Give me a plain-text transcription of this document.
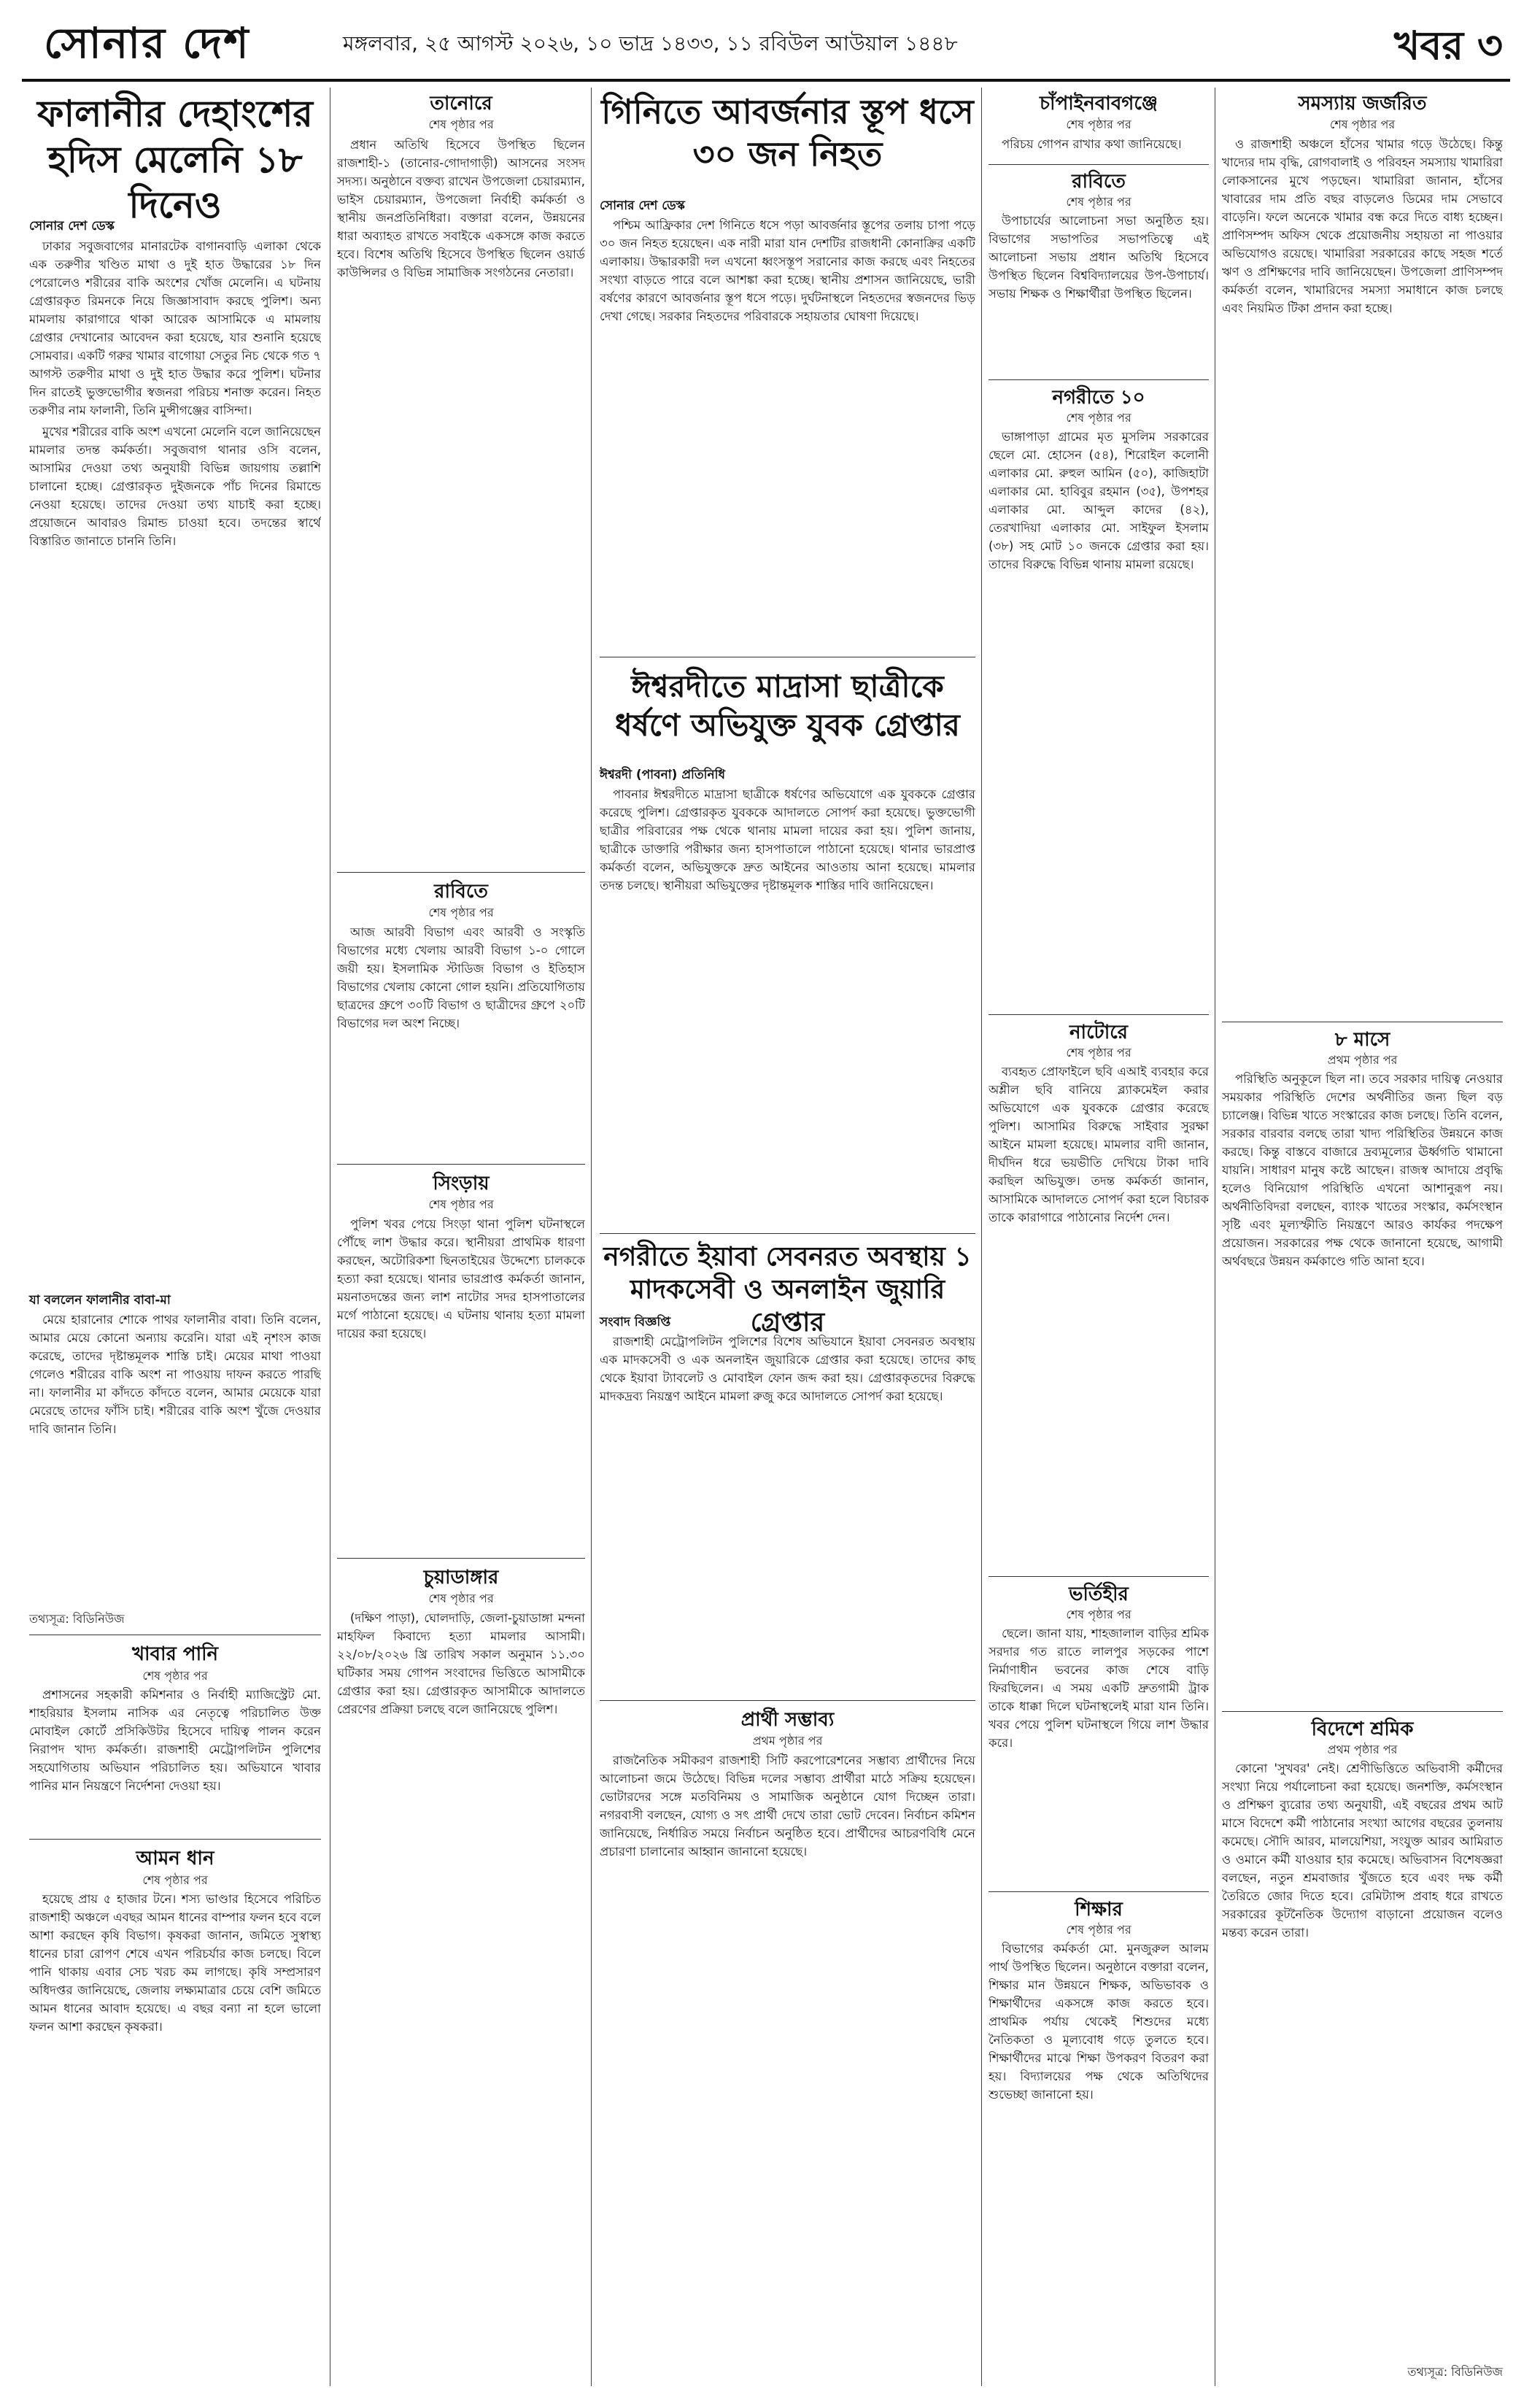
সোনার দেশ	মঙ্গলবার, ২৫ আগস্ট ২০২৬, ১০ ভাদ্র ১৪৩৩, ১১ রবিউল আউয়াল ১৪৪৮	খবর ৩
ফালানীর দেহাংশের হদিস মেলেনি ১৮ দিনেও
সোনার দেশ ডেস্ক

ঢাকার সবুজবাগের মানারটেক বাগানবাড়ি এলাকা থেকে এক তরুণীর খণ্ডিত মাথা ও দুই হাত উদ্ধারের ১৮ দিন পেরোলেও শরীরের বাকি অংশের খোঁজ মেলেনি। এ ঘটনায় গ্রেপ্তারকৃত রিমনকে নিয়ে জিজ্ঞাসাবাদ করছে পুলিশ। অন্য মামলায় কারাগারে থাকা আরেক আসামিকে এ মামলায় গ্রেপ্তার দেখানোর আবেদন করা হয়েছে, যার শুনানি হয়েছে সোমবার। একটি গরুর খামার বাগোয়া সেতুর নিচ থেকে গত ৭ আগস্ট তরুণীর মাথা ও দুই হাত উদ্ধার করে পুলিশ। ঘটনার দিন রাতেই ভুক্তভোগীর স্বজনরা পরিচয় শনাক্ত করেন। নিহত তরুণীর নাম ফালানী, তিনি মুন্সীগঞ্জের বাসিন্দা।

মুখের শরীরের বাকি অংশ এখনো মেলেনি বলে জানিয়েছেন মামলার তদন্ত কর্মকর্তা। সবুজবাগ থানার ওসি বলেন, আসামির দেওয়া তথ্য অনুযায়ী বিভিন্ন জায়গায় তল্লাশি চালানো হচ্ছে। গ্রেপ্তারকৃত দুইজনকে পাঁচ দিনের রিমান্ডে নেওয়া হয়েছে। তাদের দেওয়া তথ্য যাচাই করা হচ্ছে। প্রয়োজনে আবারও রিমান্ড চাওয়া হবে। তদন্তের স্বার্থে বিস্তারিত জানাতে চাননি তিনি।

যা বললেন ফালানীর বাবা-মা

মেয়ে হারানোর শোকে পাথর ফালানীর বাবা। তিনি বলেন, আমার মেয়ে কোনো অন্যায় করেনি। যারা এই নৃশংস কাজ করেছে, তাদের দৃষ্টান্তমূলক শাস্তি চাই। মেয়ের মাথা পাওয়া গেলেও শরীরের বাকি অংশ না পাওয়ায় দাফন করতে পারছি না। ফালানীর মা কাঁদতে কাঁদতে বলেন, আমার মেয়েকে যারা মেরেছে তাদের ফাঁসি চাই। শরীরের বাকি অংশ খুঁজে দেওয়ার দাবি জানান তিনি।

তথ্যসূত্র: বিডিনিউজ
খাবার পানি
শেষ পৃষ্ঠার পর

প্রশাসনের সহকারী কমিশনার ও নির্বাহী ম্যাজিস্ট্রেট মো. শাহরিয়ার ইসলাম নাসিক এর নেতৃত্বে পরিচালিত উক্ত মোবাইল কোর্টে প্রসিকিউটর হিসেবে দায়িত্ব পালন করেন নিরাপদ খাদ্য কর্মকর্তা। রাজশাহী মেট্রোপলিটন পুলিশের সহযোগিতায় অভিযান পরিচালিত হয়। অভিযানে খাবার পানির মান নিয়ন্ত্রণে নির্দেশনা দেওয়া হয়।

আমন ধান
শেষ পৃষ্ঠার পর

হয়েছে প্রায় ৫ হাজার টনে। শস্য ভাণ্ডার হিসেবে পরিচিত রাজশাহী অঞ্চলে এবছর আমন ধানের বাম্পার ফলন হবে বলে আশা করছেন কৃষি বিভাগ। কৃষকরা জানান, জমিতে সুস্বাস্থ্য ধানের চারা রোপণ শেষে এখন পরিচর্যার কাজ চলছে। বিলে পানি থাকায় এবার সেচ খরচ কম লাগছে। কৃষি সম্প্রসারণ অধিদপ্তর জানিয়েছে, জেলায় লক্ষ্যমাত্রার চেয়ে বেশি জমিতে আমন ধানের আবাদ হয়েছে। এ বছর বন্যা না হলে ভালো ফলন আশা করছেন কৃষকরা।

তানোরে
শেষ পৃষ্ঠার পর

প্রধান অতিথি হিসেবে উপস্থিত ছিলেন রাজশাহী-১ (তানোর-গোদাগাড়ী) আসনের সংসদ সদস্য। অনুষ্ঠানে বক্তব্য রাখেন উপজেলা চেয়ারম্যান, ভাইস চেয়ারম্যান, উপজেলা নির্বাহী কর্মকর্তা ও স্থানীয় জনপ্রতিনিধিরা। বক্তারা বলেন, উন্নয়নের ধারা অব্যাহত রাখতে সবাইকে একসঙ্গে কাজ করতে হবে। বিশেষ অতিথি হিসেবে উপস্থিত ছিলেন ওয়ার্ড কাউন্সিলর ও বিভিন্ন সামাজিক সংগঠনের নেতারা।

রাবিতে
শেষ পৃষ্ঠার পর

আজ আরবী বিভাগ এবং আরবী ও সংস্কৃতি বিভাগের মধ্যে খেলায় আরবী বিভাগ ১-০ গোলে জয়ী হয়। ইসলামিক স্টাডিজ বিভাগ ও ইতিহাস বিভাগের খেলায় কোনো গোল হয়নি। প্রতিযোগিতায় ছাত্রদের গ্রুপে ৩০টি বিভাগ ও ছাত্রীদের গ্রুপে ২০টি বিভাগের দল অংশ নিচ্ছে।

সিংড়ায়
শেষ পৃষ্ঠার পর

পুলিশ খবর পেয়ে সিংড়া থানা পুলিশ ঘটনাস্থলে পৌঁছে লাশ উদ্ধার করে। স্থানীয়রা প্রাথমিক ধারণা করছেন, অটোরিকশা ছিনতাইয়ের উদ্দেশ্যে চালককে হত্যা করা হয়েছে। থানার ভারপ্রাপ্ত কর্মকর্তা জানান, ময়নাতদন্তের জন্য লাশ নাটোর সদর হাসপাতালের মর্গে পাঠানো হয়েছে। এ ঘটনায় থানায় হত্যা মামলা দায়ের করা হয়েছে।

চুয়াডাঙ্গার
শেষ পৃষ্ঠার পর

(দক্ষিণ পাড়া), ঘোলদাড়ি, জেলা-চুয়াডাঙ্গা মন্দনা মাহফিল কিবাদ্যে হত্যা মামলার আসামী। ২২/০৮/২০২৬ খ্রি তারিখ সকাল অনুমান ১১.৩০ ঘটিকার সময় গোপন সংবাদের ভিত্তিতে আসামীকে গ্রেপ্তার করা হয়। গ্রেপ্তারকৃত আসামীকে আদালতে প্রেরণের প্রক্রিয়া চলছে বলে জানিয়েছে পুলিশ।

গিনিতে আবর্জনার স্তূপ ধসে ৩০ জন নিহত
সোনার দেশ ডেস্ক

পশ্চিম আফ্রিকার দেশ গিনিতে ধসে পড়া আবর্জনার স্তূপের তলায় চাপা পড়ে ৩০ জন নিহত হয়েছেন। এক নারী মারা যান দেশটির রাজধানী কোনাক্রির একটি এলাকায়। উদ্ধারকারী দল এখনো ধ্বংসস্তূপ সরানোর কাজ করছে এবং নিহতের সংখ্যা বাড়তে পারে বলে আশঙ্কা করা হচ্ছে। স্থানীয় প্রশাসন জানিয়েছে, ভারী বর্ষণের কারণে আবর্জনার স্তূপ ধসে পড়ে। দুর্ঘটনাস্থলে নিহতদের স্বজনদের ভিড় দেখা গেছে। সরকার নিহতদের পরিবারকে সহায়তার ঘোষণা দিয়েছে।

ঈশ্বরদীতে মাদ্রাসা ছাত্রীকে ধর্ষণে অভিযুক্ত যুবক গ্রেপ্তার
ঈশ্বরদী (পাবনা) প্রতিনিধি

পাবনার ঈশ্বরদীতে মাদ্রাসা ছাত্রীকে ধর্ষণের অভিযোগে এক যুবককে গ্রেপ্তার করেছে পুলিশ। গ্রেপ্তারকৃত যুবককে আদালতে সোপর্দ করা হয়েছে। ভুক্তভোগী ছাত্রীর পরিবারের পক্ষ থেকে থানায় মামলা দায়ের করা হয়। পুলিশ জানায়, ছাত্রীকে ডাক্তারি পরীক্ষার জন্য হাসপাতালে পাঠানো হয়েছে। থানার ভারপ্রাপ্ত কর্মকর্তা বলেন, অভিযুক্তকে দ্রুত আইনের আওতায় আনা হয়েছে। মামলার তদন্ত চলছে। স্থানীয়রা অভিযুক্তের দৃষ্টান্তমূলক শাস্তির দাবি জানিয়েছেন।

নগরীতে ইয়াবা সেবনরত অবস্থায় ১ মাদকসেবী ও অনলাইন জুয়ারি গ্রেপ্তার
সংবাদ বিজ্ঞপ্তি

রাজশাহী মেট্রোপলিটন পুলিশের বিশেষ অভিযানে ইয়াবা সেবনরত অবস্থায় এক মাদকসেবী ও এক অনলাইন জুয়ারিকে গ্রেপ্তার করা হয়েছে। তাদের কাছ থেকে ইয়াবা ট্যাবলেট ও মোবাইল ফোন জব্দ করা হয়। গ্রেপ্তারকৃতদের বিরুদ্ধে মাদকদ্রব্য নিয়ন্ত্রণ আইনে মামলা রুজু করে আদালতে সোপর্দ করা হয়েছে।

প্রার্থী সম্ভাব্য
প্রথম পৃষ্ঠার পর

রাজনৈতিক সমীকরণ রাজশাহী সিটি করপোরেশনের সম্ভাব্য প্রার্থীদের নিয়ে আলোচনা জমে উঠেছে। বিভিন্ন দলের সম্ভাব্য প্রার্থীরা মাঠে সক্রিয় হয়েছেন। ভোটারদের সঙ্গে মতবিনিময় ও সামাজিক অনুষ্ঠানে যোগ দিচ্ছেন তারা। নগরবাসী বলছেন, যোগ্য ও সৎ প্রার্থী দেখে তারা ভোট দেবেন। নির্বাচন কমিশন জানিয়েছে, নির্ধারিত সময়ে নির্বাচন অনুষ্ঠিত হবে। প্রার্থীদের আচরণবিধি মেনে প্রচারণা চালানোর আহ্বান জানানো হয়েছে।

চাঁপাইনবাবগঞ্জে
শেষ পৃষ্ঠার পর

পরিচয় গোপন রাখার কথা জানিয়েছে।

রাবিতে
শেষ পৃষ্ঠার পর

উপাচার্যের আলোচনা সভা অনুষ্ঠিত হয়। বিভাগের সভাপতির সভাপতিত্বে এই আলোচনা সভায় প্রধান অতিথি হিসেবে উপস্থিত ছিলেন বিশ্ববিদ্যালয়ের উপ-উপাচার্য। সভায় শিক্ষক ও শিক্ষার্থীরা উপস্থিত ছিলেন।

নগরীতে ১০
শেষ পৃষ্ঠার পর

ভাঙ্গাপাড়া গ্রামের মৃত মুসলিম সরকারের ছেলে মো. হোসেন (৫৪), শিরোইল কলোনী এলাকার মো. রুহুল আমিন (৫০), কাজিহাটা এলাকার মো. হাবিবুর রহমান (৩৫), উপশহর এলাকার মো. আব্দুল কাদের (৪২), তেরখাদিয়া এলাকার মো. সাইফুল ইসলাম (৩৮) সহ মোট ১০ জনকে গ্রেপ্তার করা হয়। তাদের বিরুদ্ধে বিভিন্ন থানায় মামলা রয়েছে।

নাটোরে
শেষ পৃষ্ঠার পর

ব্যবহৃত প্রোফাইলে ছবি এআই ব্যবহার করে অশ্লীল ছবি বানিয়ে ব্ল্যাকমেইল করার অভিযোগে এক যুবককে গ্রেপ্তার করেছে পুলিশ। আসামির বিরুদ্ধে সাইবার সুরক্ষা আইনে মামলা হয়েছে। মামলার বাদী জানান, দীর্ঘদিন ধরে ভয়ভীতি দেখিয়ে টাকা দাবি করছিল অভিযুক্ত। তদন্ত কর্মকর্তা জানান, আসামিকে আদালতে সোপর্দ করা হলে বিচারক তাকে কারাগারে পাঠানোর নির্দেশ দেন।

ভর্তিহীর
শেষ পৃষ্ঠার পর

ছেলে। জানা যায়, শাহজালাল বাড়ির শ্রমিক সরদার গত রাতে লালপুর সড়কের পাশে নির্মাণাধীন ভবনের কাজ শেষে বাড়ি ফিরছিলেন। এ সময় একটি দ্রুতগামী ট্রাক তাকে ধাক্কা দিলে ঘটনাস্থলেই মারা যান তিনি। খবর পেয়ে পুলিশ ঘটনাস্থলে গিয়ে লাশ উদ্ধার করে।

শিক্ষার
শেষ পৃষ্ঠার পর

বিভাগের কর্মকর্তা মো. মুনজুরুল আলম পার্থ উপস্থিত ছিলেন। অনুষ্ঠানে বক্তারা বলেন, শিক্ষার মান উন্নয়নে শিক্ষক, অভিভাবক ও শিক্ষার্থীদের একসঙ্গে কাজ করতে হবে। প্রাথমিক পর্যায় থেকেই শিশুদের মধ্যে নৈতিকতা ও মূল্যবোধ গড়ে তুলতে হবে। শিক্ষার্থীদের মাঝে শিক্ষা উপকরণ বিতরণ করা হয়। বিদ্যালয়ের পক্ষ থেকে অতিথিদের শুভেচ্ছা জানানো হয়।

সমস্যায় জর্জরিত
শেষ পৃষ্ঠার পর

ও রাজশাহী অঞ্চলে হাঁসের খামার গড়ে উঠেছে। কিন্তু খাদ্যের দাম বৃদ্ধি, রোগবালাই ও পরিবহন সমস্যায় খামারিরা লোকসানের মুখে পড়ছেন। খামারিরা জানান, হাঁসের খাবারের দাম প্রতি বছর বাড়লেও ডিমের দাম সেভাবে বাড়েনি। ফলে অনেকে খামার বন্ধ করে দিতে বাধ্য হচ্ছেন। প্রাণিসম্পদ অফিস থেকে প্রয়োজনীয় সহায়তা না পাওয়ার অভিযোগও রয়েছে। খামারিরা সরকারের কাছে সহজ শর্তে ঋণ ও প্রশিক্ষণের দাবি জানিয়েছেন। উপজেলা প্রাণিসম্পদ কর্মকর্তা বলেন, খামারিদের সমস্যা সমাধানে কাজ চলছে এবং নিয়মিত টিকা প্রদান করা হচ্ছে।

৮ মাসে
প্রথম পৃষ্ঠার পর

পরিস্থিতি অনুকূলে ছিল না। তবে সরকার দায়িত্ব নেওয়ার সময়কার পরিস্থিতি দেশের অর্থনীতির জন্য ছিল বড় চ্যালেঞ্জ। বিভিন্ন খাতে সংস্কারের কাজ চলছে। তিনি বলেন, সরকার বারবার বলছে তারা খাদ্য পরিস্থিতির উন্নয়নে কাজ করছে। কিন্তু বাস্তবে বাজারে দ্রব্যমূল্যের ঊর্ধ্বগতি থামানো যায়নি। সাধারণ মানুষ কষ্টে আছেন। রাজস্ব আদায়ে প্রবৃদ্ধি হলেও বিনিয়োগ পরিস্থিতি এখনো আশানুরূপ নয়। অর্থনীতিবিদরা বলছেন, ব্যাংক খাতের সংস্কার, কর্মসংস্থান সৃষ্টি এবং মূল্যস্ফীতি নিয়ন্ত্রণে আরও কার্যকর পদক্ষেপ প্রয়োজন। সরকারের পক্ষ থেকে জানানো হয়েছে, আগামী অর্থবছরে উন্নয়ন কর্মকাণ্ডে গতি আনা হবে।

বিদেশে শ্রমিক
প্রথম পৃষ্ঠার পর

কোনো 'সুখবর' নেই। শ্রেণীভিত্তিতে অভিবাসী কর্মীদের সংখ্যা নিয়ে পর্যালোচনা করা হয়েছে। জনশক্তি, কর্মসংস্থান ও প্রশিক্ষণ ব্যুরোর তথ্য অনুযায়ী, এই বছরের প্রথম আট মাসে বিদেশে কর্মী পাঠানোর সংখ্যা আগের বছরের তুলনায় কমেছে। সৌদি আরব, মালয়েশিয়া, সংযুক্ত আরব আমিরাত ও ওমানে কর্মী যাওয়ার হার কমেছে। অভিবাসন বিশেষজ্ঞরা বলছেন, নতুন শ্রমবাজার খুঁজতে হবে এবং দক্ষ কর্মী তৈরিতে জোর দিতে হবে। রেমিট্যান্স প্রবাহ ধরে রাখতে সরকারের কূটনৈতিক উদ্যোগ বাড়ানো প্রয়োজন বলেও মন্তব্য করেন তারা।

তথ্যসূত্র: বিডিনিউজ
